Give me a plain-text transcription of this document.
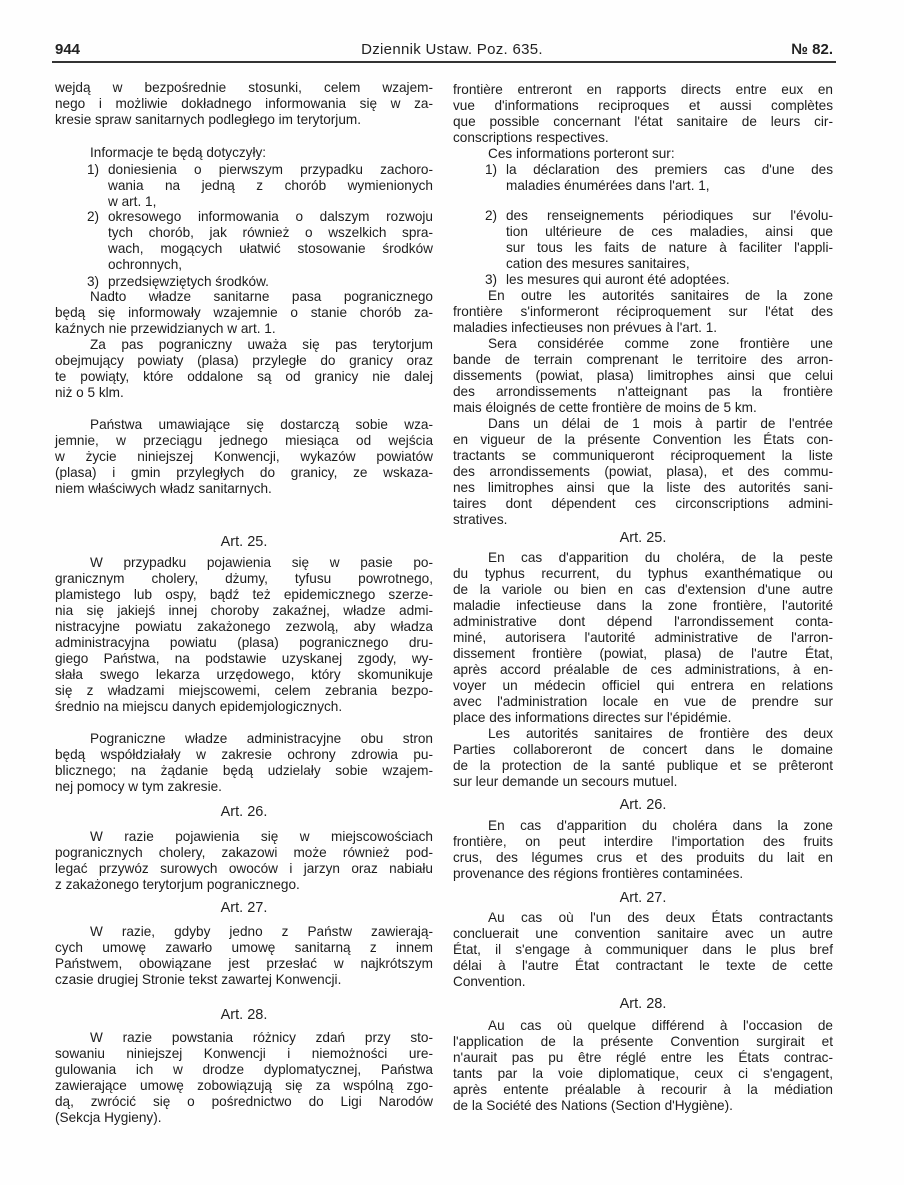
944	Dziennik Ustaw. Poz. 635.	№ 82.
wejdą w bezpośrednie stosunki, celem wzajem-
nego i możliwie dokładnego informowania się w za-
kresie spraw sanitarnych podległego im terytorjum.
Informacje te będą dotyczyły:
1) doniesienia o pierwszym przypadku zachoro-
wania na jedną z chorób wymienionych
w art. 1,
2) okresowego informowania o dalszym rozwoju
tych chorób, jak również o wszelkich spra-
wach, mogących ułatwić stosowanie środków
ochronnych,
3) przedsięwziętych środków.
Nadto władze sanitarne pasa pogranicznego
będą się informowały wzajemnie o stanie chorób za-
kaźnych nie przewidzianych w art. 1.
Za pas pograniczny uważa się pas terytorjum
obejmujący powiaty (plasa) przyległe do granicy oraz
te powiąty, które oddalone są od granicy nie dalej
niż o 5 klm.
Państwa umawiające się dostarczą sobie wza-
jemnie, w przeciągu jednego miesiąca od wejścia
w życie niniejszej Konwencji, wykazów powiatów
(plasa) i gmin przyległych do granicy, ze wskaza-
niem właściwych władz sanitarnych.
Art. 25.
W przypadku pojawienia się w pasie po-
granicznym cholery, dżumy, tyfusu powrotnego,
plamistego lub ospy, bądź też epidemicznego szerze-
nia się jakiejś innej choroby zakaźnej, władze admi-
nistracyjne powiatu zakażonego zezwolą, aby władza
administracyjna powiatu (plasa) pogranicznego dru-
giego Państwa, na podstawie uzyskanej zgody, wy-
słała swego lekarza urzędowego, który skomunikuje
się z władzami miejscowemi, celem zebrania bezpo-
średnio na miejscu danych epidemjologicznych.
Pograniczne władze administracyjne obu stron
będą współdziałały w zakresie ochrony zdrowia pu-
blicznego; na żądanie będą udzielały sobie wzajem-
nej pomocy w tym zakresie.
Art. 26.
W razie pojawienia się w miejscowościach
pogranicznych cholery, zakazowi może również pod-
legać przywóz surowych owoców i jarzyn oraz nabiału
z zakażonego terytorjum pogranicznego.
Art. 27.
W razie, gdyby jedno z Państw zawierają-
cych umowę zawarło umowę sanitarną z innem
Państwem, obowiązane jest przesłać w najkrótszym
czasie drugiej Stronie tekst zawartej Konwencji.
Art. 28.
W razie powstania różnicy zdań przy sto-
sowaniu niniejszej Konwencji i niemożności ure-
gulowania ich w drodze dyplomatycznej, Państwa
zawierające umowę zobowiązują się za wspólną zgo-
dą, zwrócić się o pośrednictwo do Ligi Narodów
(Sekcja Hygieny).
frontière entreront en rapports directs entre eux en
vue d'informations reciproques et aussi complètes
que possible concernant l'état sanitaire de leurs cir-
conscriptions respectives.
Ces informations porteront sur:
1) la déclaration des premiers cas d'une des
maladies énumérées dans l'art. 1,
2) des renseignements périodiques sur l'évolu-
tion ultérieure de ces maladies, ainsi que
sur tous les faits de nature à faciliter l'appli-
cation des mesures sanitaires,
3) les mesures qui auront été adoptées.
En outre les autorités sanitaires de la zone
frontière s'informeront réciproquement sur l'état des
maladies infectieuses non prévues à l'art. 1.
Sera considérée comme zone frontière une
bande de terrain comprenant le territoire des arron-
dissements (powiat, plasa) limitrophes ainsi que celui
des arrondissements n'atteignant pas la frontière
mais éloignés de cette frontière de moins de 5 km.
Dans un délai de 1 mois à partir de l'entrée
en vigueur de la présente Convention les États con-
tractants se communiqueront réciproquement la liste
des arrondissements (powiat, plasa), et des commu-
nes limitrophes ainsi que la liste des autorités sani-
taires dont dépendent ces circonscriptions admini-
stratives.
Art. 25.
En cas d'apparition du choléra, de la peste
du typhus recurrent, du typhus exanthématique ou
de la variole ou bien en cas d'extension d'une autre
maladie infectieuse dans la zone frontière, l'autorité
administrative dont dépend l'arrondissement conta-
miné, autorisera l'autorité administrative de l'arron-
dissement frontière (powiat, plasa) de l'autre État,
après accord préalable de ces administrations, à en-
voyer un médecin officiel qui entrera en relations
avec l'administration locale en vue de prendre sur
place des informations directes sur l'épidémie.
Les autorités sanitaires de frontière des deux
Parties collaboreront de concert dans le domaine
de la protection de la santé publique et se prêteront
sur leur demande un secours mutuel.
Art. 26.
En cas d'apparition du choléra dans la zone
frontière, on peut interdire l'importation des fruits
crus, des légumes crus et des produits du lait en
provenance des régions frontières contaminées.
Art. 27.
Au cas où l'un des deux États contractants
concluerait une convention sanitaire avec un autre
État, il s'engage à communiquer dans le plus bref
délai à l'autre État contractant le texte de cette
Convention.
Art. 28.
Au cas où quelque différend à l'occasion de
l'application de la présente Convention surgirait et
n'aurait pas pu être réglé entre les États contrac-
tants par la voie diplomatique, ceux ci s'engagent,
après entente préalable à recourir à la médiation
de la Société des Nations (Section d'Hygiène).
